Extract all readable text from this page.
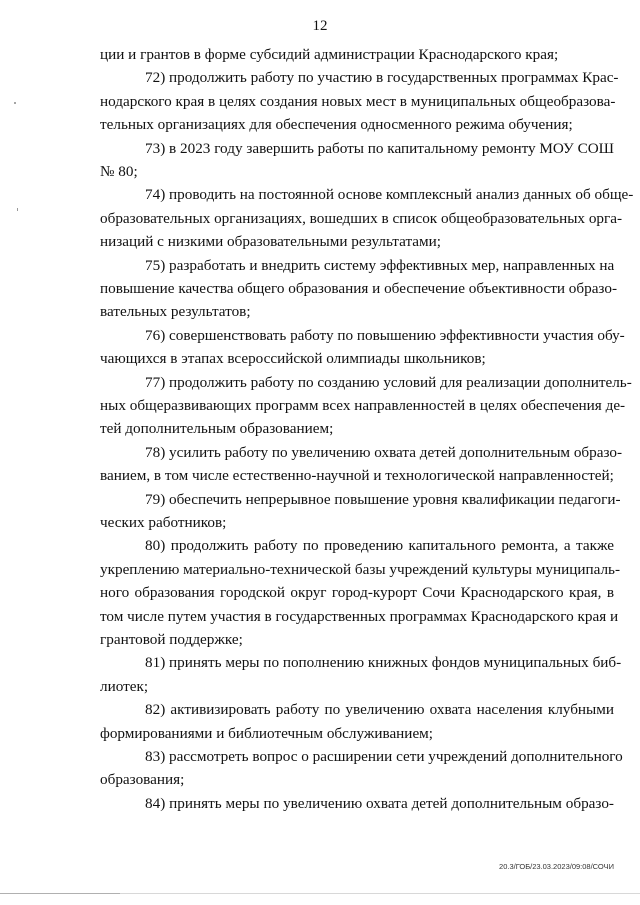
12
ции и грантов в форме субсидий администрации Краснодарского края;
72) продолжить работу по участию в государственных программах Крас-
нодарского края в целях создания новых мест в муниципальных общеобразова-
тельных организациях для обеспечения односменного режима обучения;
73) в 2023 году завершить работы по капитальному ремонту МОУ СОШ
№ 80;
74) проводить на постоянной основе комплексный анализ данных об обще-
образовательных организациях, вошедших в список общеобразовательных орга-
низаций с низкими образовательными результатами;
75) разработать и внедрить систему эффективных мер, направленных на
повышение качества общего образования и обеспечение объективности образо-
вательных результатов;
76) совершенствовать работу по повышению эффективности участия обу-
чающихся в этапах всероссийской олимпиады школьников;
77) продолжить работу по созданию условий для реализации дополнитель-
ных общеразвивающих программ всех направленностей в целях обеспечения де-
тей дополнительным образованием;
78) усилить работу по увеличению охвата детей дополнительным образо-
ванием, в том числе естественно-научной и технологической направленностей;
79) обеспечить непрерывное повышение уровня квалификации педагоги-
ческих работников;
80) продолжить работу по проведению капитального ремонта, а также
укреплению материально-технической базы учреждений культуры муниципаль-
ного образования городской округ город-курорт Сочи Краснодарского края, в
том числе путем участия в государственных программах Краснодарского края и
грантовой поддержке;
81) принять меры по пополнению книжных фондов муниципальных биб-
лиотек;
82) активизировать работу по увеличению охвата населения клубными
формированиями и библиотечным обслуживанием;
83) рассмотреть вопрос о расширении сети учреждений дополнительного
образования;
84) принять меры по увеличению охвата детей дополнительным образо-
20.3/ГОБ/23.03.2023/09:08/СОЧИ
